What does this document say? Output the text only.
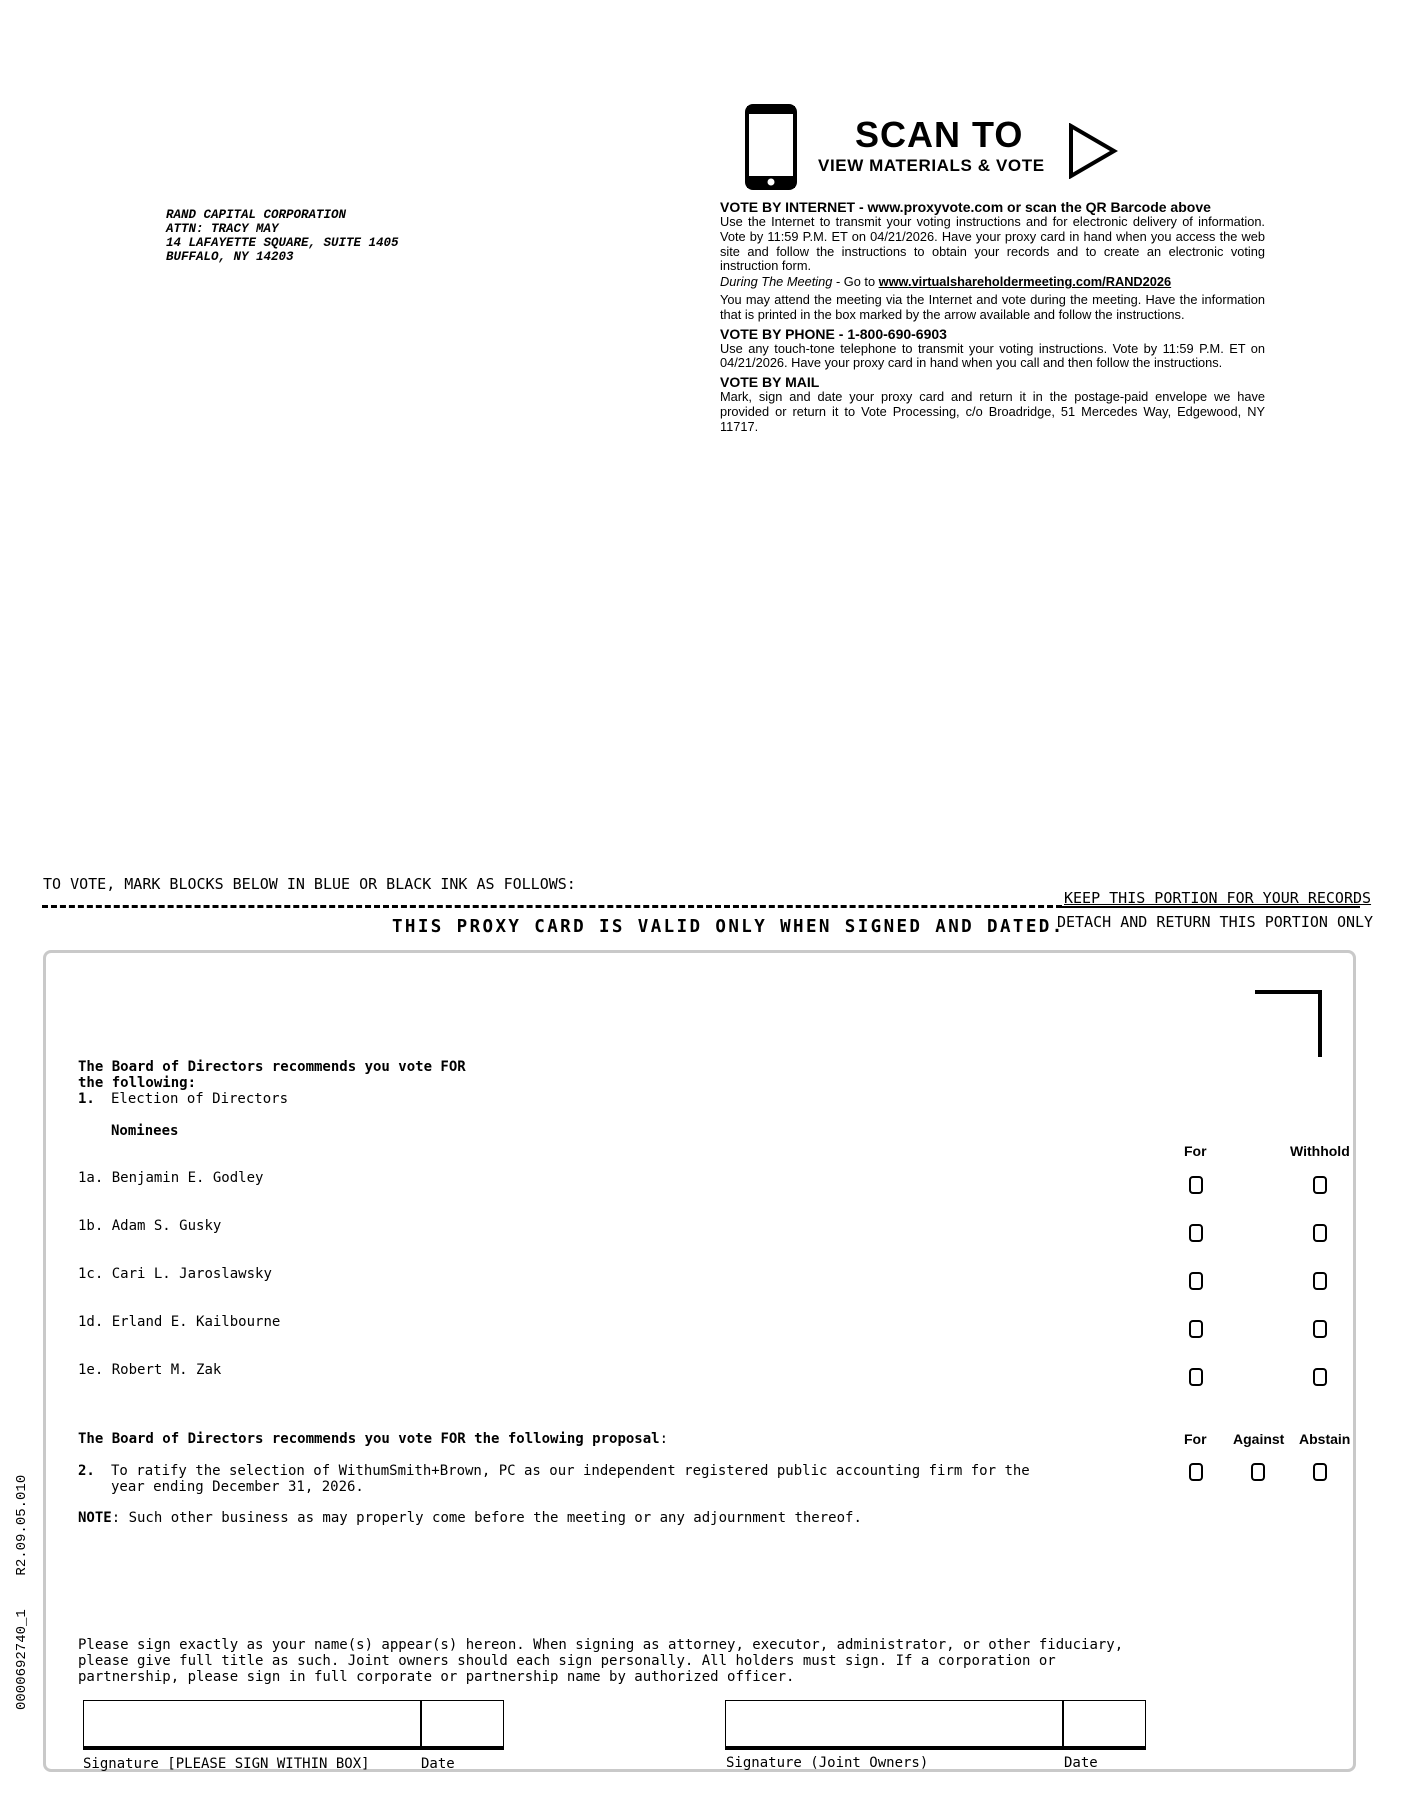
RAND CAPITAL CORPORATION
ATTN: TRACY MAY
14 LAFAYETTE SQUARE, SUITE 1405
BUFFALO, NY 14203
SCAN TO
VIEW MATERIALS & VOTE
VOTE BY INTERNET - www.proxyvote.com or scan the QR Barcode above

Use the Internet to transmit your voting instructions and for electronic delivery of information. Vote by 11:59 P.M. ET on 04/21/2026. Have your proxy card in hand when you access the web site and follow the instructions to obtain your records and to create an electronic voting instruction form.

During The Meeting - Go to www.virtualshareholdermeeting.com/RAND2026

You may attend the meeting via the Internet and vote during the meeting. Have the information that is printed in the box marked by the arrow available and follow the instructions.

VOTE BY PHONE - 1-800-690-6903

Use any touch-tone telephone to transmit your voting instructions. Vote by 11:59 P.M. ET on 04/21/2026. Have your proxy card in hand when you call and then follow the instructions.

VOTE BY MAIL

Mark, sign and date your proxy card and return it in the postage-paid envelope we have provided or return it to Vote Processing, c/o Broadridge, 51 Mercedes Way, Edgewood, NY 11717.

TO VOTE, MARK BLOCKS BELOW IN BLUE OR BLACK INK AS FOLLOWS:
KEEP THIS PORTION FOR YOUR RECORDS
DETACH AND RETURN THIS PORTION ONLY
THIS PROXY CARD IS VALID ONLY WHEN SIGNED AND DATED.
The Board of Directors recommends you vote FOR
the following:
1. Election of Directors
Nominees
For	Withhold
1a. Benjamin E. Godley
1b. Adam S. Gusky
1c. Cari L. Jaroslawsky
1d. Erland E. Kailbourne
1e. Robert M. Zak
The Board of Directors recommends you vote FOR the following proposal:	For Against Abstain
2. To ratify the selection of WithumSmith+Brown, PC as our independent registered public accounting firm for the
year ending December 31, 2026.
NOTE: Such other business as may properly come before the meeting or any adjournment thereof.
Please sign exactly as your name(s) appear(s) hereon. When signing as attorney, executor, administrator, or other fiduciary,
please give full title as such. Joint owners should each sign personally. All holders must sign. If a corporation or
partnership, please sign in full corporate or partnership name by authorized officer.
Signature [PLEASE SIGN WITHIN BOX]	Date	Signature (Joint Owners)	Date
0000692740_1    R2.09.05.010
